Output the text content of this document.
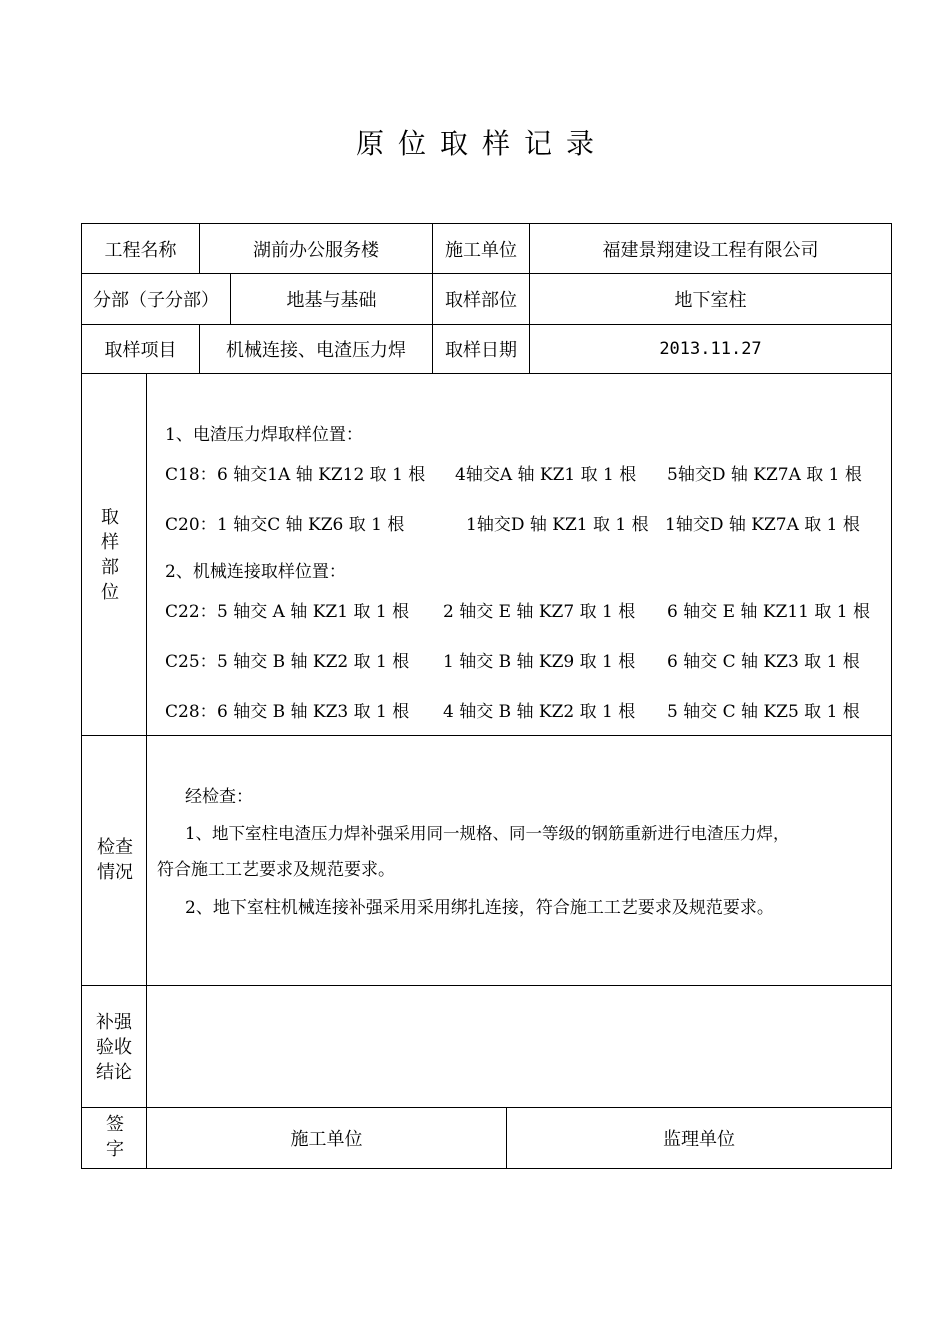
原位取样记录
工程名称	湖前办公服务楼	施工单位	福建景翔建设工程有限公司
分部（子分部）	地基与基础	取样部位	地下室柱
取样项目	机械连接、电渣压力焊	取样日期	2013.11.27
取样部位
1、电渣压力焊取样位置：
C18： 6 轴交1A 轴 KZ12 取 1 根 4轴交A 轴 KZ1 取 1 根 5轴交D 轴 KZ7A 取 1 根
C20： 1 轴交C 轴 KZ6 取 1 根	1轴交D 轴 KZ1 取 1 根 1轴交D 轴 KZ7A 取 1 根
2、机械连接取样位置：
C22： 5 轴交 A 轴 KZ1 取 1 根 2 轴交 E 轴 KZ7 取 1 根 6 轴交 E 轴 KZ11 取 1 根
C25： 5 轴交 B 轴 KZ2 取 1 根 1 轴交 B 轴 KZ9 取 1 根 6 轴交 C 轴 KZ3 取 1 根
C28： 6 轴交 B 轴 KZ3 取 1 根 4 轴交 B 轴 KZ2 取 1 根 5 轴交 C 轴 KZ5 取 1 根
检查情况
经检查：
1、地下室柱电渣压力焊补强采用同一规格、同一等级的钢筋重新进行电渣压力焊，
符合施工工艺要求及规范要求。
2、地下室柱机械连接补强采用采用绑扎连接，符合施工工艺要求及规范要求。
补强验收结论
签字	施工单位	监理单位
